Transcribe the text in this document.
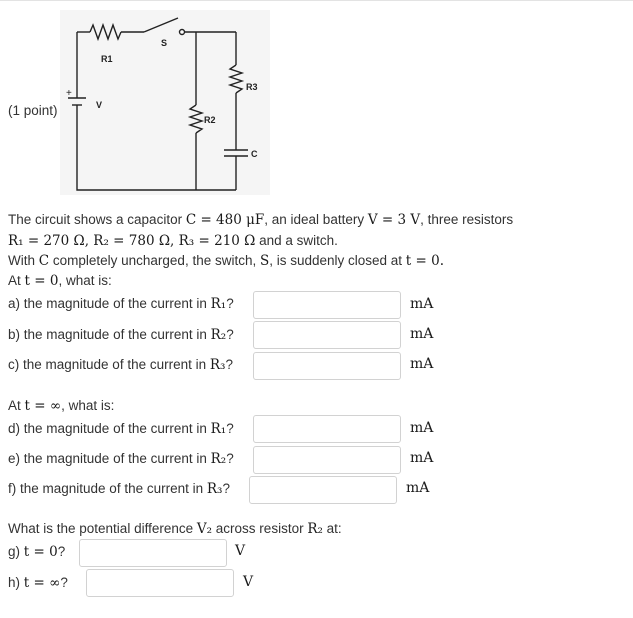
R1
S
R3
R2
V
+
C
(1 point)
The circuit shows a capacitor C = 480 μF, an ideal battery V = 3 V, three resistors
R₁ = 270 Ω, R₂ = 780 Ω, R₃ = 210 Ω and a switch.
With C completely uncharged, the switch, S, is suddenly closed at t = 0.
At t = 0, what is:
a) the magnitude of the current in R₁?	mA
b) the magnitude of the current in R₂?	mA
c) the magnitude of the current in R₃?	mA
At t = ∞, what is:
d) the magnitude of the current in R₁?	mA
e) the magnitude of the current in R₂?	mA
f) the magnitude of the current in R₃?	mA
What is the potential difference V₂ across resistor R₂ at:
g) t = 0?	V
h) t = ∞?	V
